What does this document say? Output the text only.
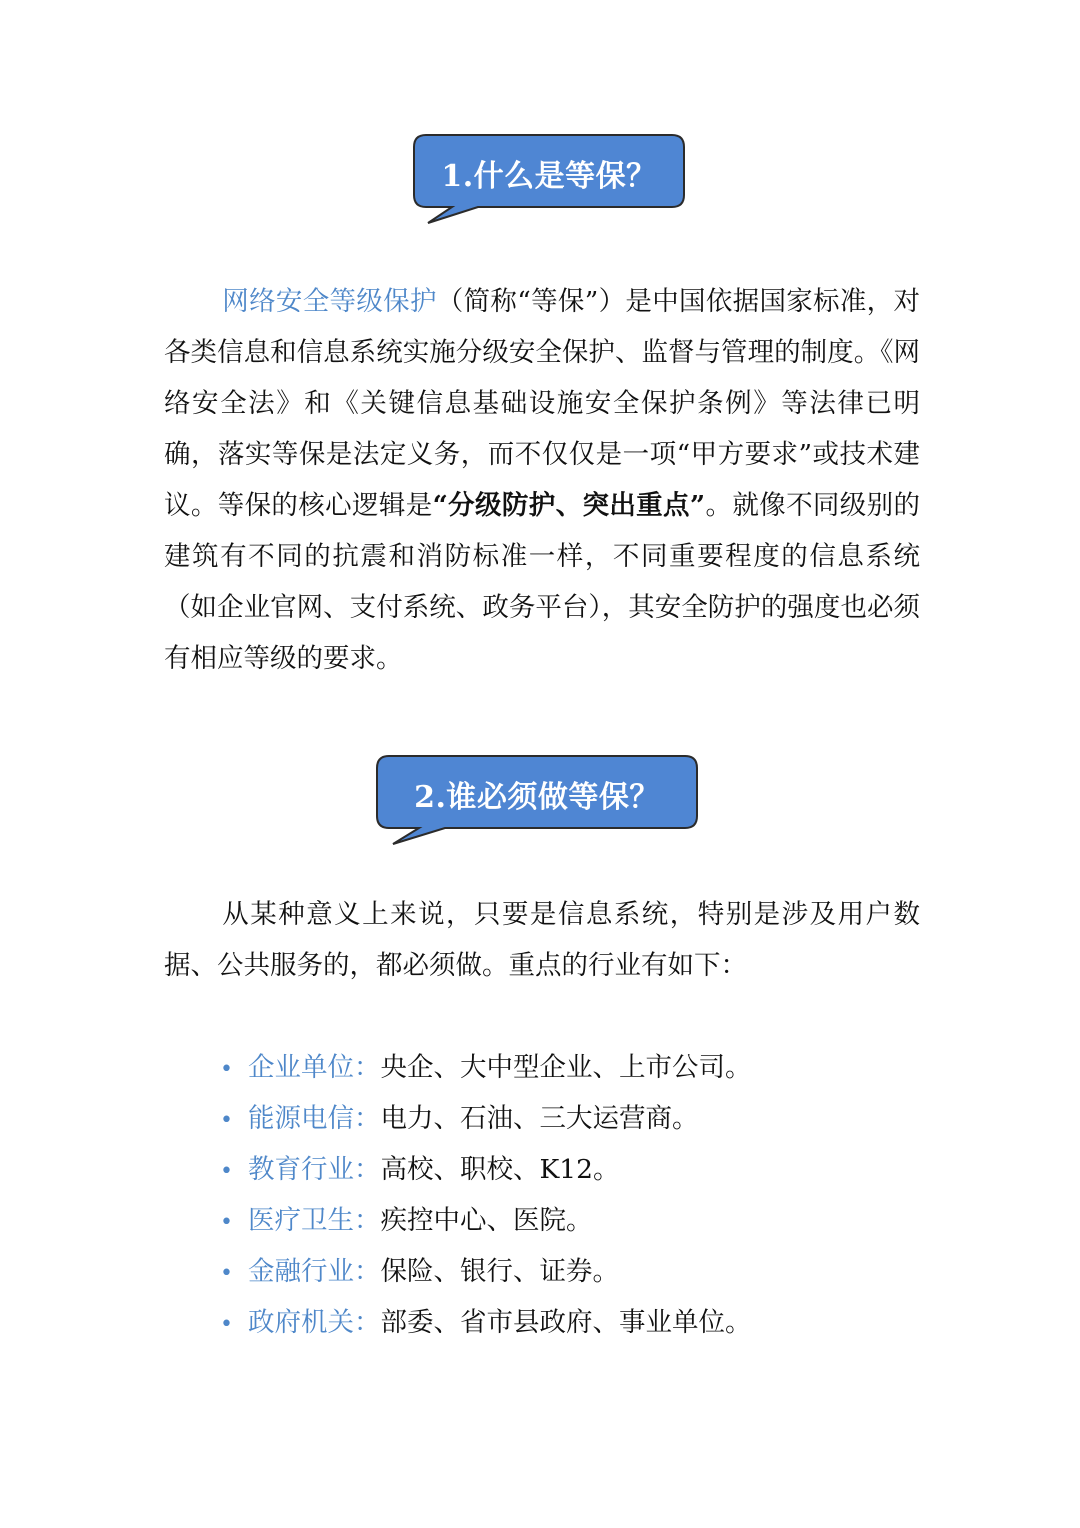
1.什么是等保？

网络安全等级保护（简称“等保”）是中国依据国家标准，对各类信息和信息系统实施分级安全保护、监督与管理的制度。《网络安全法》和《关键信息基础设施安全保护条例》等法律已明确，落实等保是法定义务，而不仅仅是一项“甲方要求”或技术建议。等保的核心逻辑是“分级防护、突出重点”。就像不同级别的建筑有不同的抗震和消防标准一样，不同重要程度的信息系统（如企业官网、支付系统、政务平台），其安全防护的强度也必须有相应等级的要求。

2.谁必须做等保？

从某种意义上来说，只要是信息系统，特别是涉及用户数据、公共服务的，都必须做。重点的行业有如下：

• 企业单位：央企、大中型企业、上市公司。
• 能源电信：电力、石油、三大运营商。
• 教育行业：高校、职校、K12。
• 医疗卫生：疾控中心、医院。
• 金融行业：保险、银行、证券。
• 政府机关：部委、省市县政府、事业单位。
